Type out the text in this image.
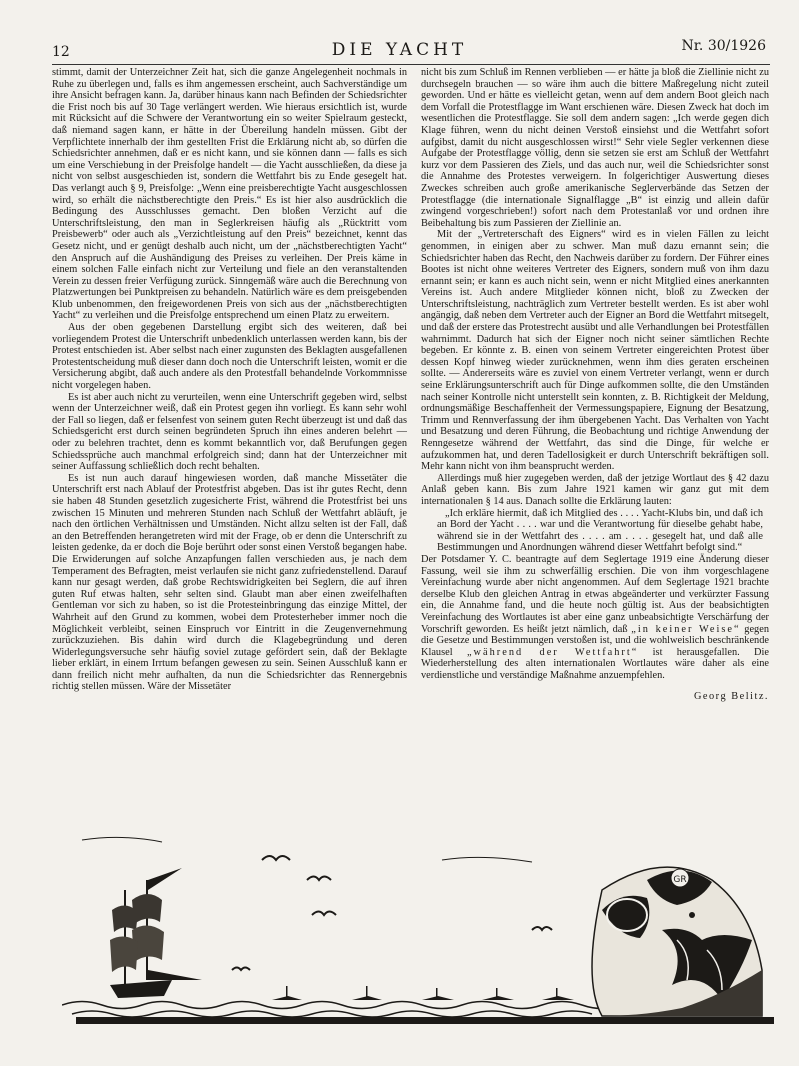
12	DIE YACHT	Nr. 30/1926

stimmt, damit der Unterzeichner Zeit hat, sich die ganze Angelegenheit nochmals in Ruhe zu überlegen und, falls es ihm angemessen erscheint, auch Sachverständige um ihre Ansicht befragen kann. Ja, darüber hinaus kann nach Befinden der Schiedsrichter die Frist noch bis auf 30 Tage verlängert werden. Wie hieraus ersichtlich ist, wurde mit Rücksicht auf die Schwere der Verantwortung ein so weiter Spielraum gesteckt, daß niemand sagen kann, er hätte in der Übereilung handeln müssen. Gibt der Verpflichtete innerhalb der ihm gestellten Frist die Erklärung nicht ab, so dürfen die Schiedsrichter annehmen, daß er es nicht kann, und sie können dann — falls es sich um eine Verschiebung in der Preisfolge handelt — die Yacht ausschließen, da diese ja nicht von selbst ausgeschieden ist, sondern die Wettfahrt bis zu Ende gesegelt hat. Das verlangt auch § 9, Preisfolge: „Wenn eine preisberechtigte Yacht ausgeschlossen wird, so erhält die nächstberechtigte den Preis.“ Es ist hier also ausdrücklich die Bedingung des Ausschlusses gemacht. Den bloßen Verzicht auf die Unterschriftsleistung, den man in Seglerkreisen häufig als „Rücktritt vom Preisbewerb“ oder auch als „Verzichtleistung auf den Preis“ bezeichnet, kennt das Gesetz nicht, und er genügt deshalb auch nicht, um der „nächstberechtigten Yacht“ den Anspruch auf die Aushändigung des Preises zu verleihen. Der Preis käme in einem solchen Falle einfach nicht zur Verteilung und fiele an den veranstaltenden Verein zu dessen freier Verfügung zurück. Sinngemäß wäre auch die Berechnung von Platzwertungen bei Punktpreisen zu behandeln. Natürlich wäre es dem preisgebenden Klub unbenommen, den freigewordenen Preis von sich aus der „nächstberechtigten Yacht“ zu verleihen und die Preisfolge entsprechend um einen Platz zu erweitern.

Aus der oben gegebenen Darstellung ergibt sich des weiteren, daß bei vorliegendem Protest die Unterschrift unbedenklich unterlassen werden kann, bis der Protest entschieden ist. Aber selbst nach einer zugunsten des Beklagten ausgefallenen Protestentscheidung muß dieser dann doch noch die Unterschrift leisten, womit er die Versicherung abgibt, daß auch andere als den Protestfall behandelnde Vorkommnisse nicht vorgelegen haben.

Es ist aber auch nicht zu verurteilen, wenn eine Unterschrift gegeben wird, selbst wenn der Unterzeichner weiß, daß ein Protest gegen ihn vorliegt. Es kann sehr wohl der Fall so liegen, daß er felsenfest von seinem guten Recht überzeugt ist und daß das Schiedsgericht erst durch seinen begründeten Spruch ihn eines anderen belehrt — oder zu belehren trachtet, denn es kommt bekanntlich vor, daß Berufungen gegen Schiedssprüche auch manchmal erfolgreich sind; dann hat der Unterzeichner mit seiner Auffassung schließlich doch recht behalten.

Es ist nun auch darauf hingewiesen worden, daß manche Missetäter die Unterschrift erst nach Ablauf der Protestfrist abgeben. Das ist ihr gutes Recht, denn sie haben 48 Stunden gesetzlich zugesicherte Frist, während die Protestfrist bei uns zwischen 15 Minuten und mehreren Stunden nach Schluß der Wettfahrt abläuft, je nach den örtlichen Verhältnissen und Umständen. Nicht allzu selten ist der Fall, daß an den Betreffenden herangetreten wird mit der Frage, ob er denn die Unterschrift zu leisten gedenke, da er doch die Boje berührt oder sonst einen Verstoß begangen habe. Die Erwiderungen auf solche Anzapfungen fallen verschieden aus, je nach dem Temperament des Befragten, meist verlaufen sie nicht ganz zufriedenstellend. Darauf kann nur gesagt werden, daß grobe Rechtswidrigkeiten bei Seglern, die auf ihren guten Ruf etwas halten, sehr selten sind. Glaubt man aber einen zweifelhaften Gentleman vor sich zu haben, so ist die Protesteinbringung das einzige Mittel, der Wahrheit auf den Grund zu kommen, wobei dem Protesterheber immer noch die Möglichkeit verbleibt, seinen Einspruch vor Eintritt in die Zeugenvernehmung zurückzuziehen. Bis dahin wird durch die Klagebegründung und deren Widerlegungsversuche sehr häufig soviel zutage gefördert sein, daß der Beklagte lieber erklärt, in einem Irrtum befangen gewesen zu sein. Seinen Ausschluß kann er dann freilich nicht mehr aufhalten, da nun die Schiedsrichter das Rennergebnis richtig stellen müssen. Wäre der Missetäter

nicht bis zum Schluß im Rennen verblieben — er hätte ja bloß die Ziellinie nicht zu durchsegeln brauchen — so wäre ihm auch die bittere Maßregelung nicht zuteil geworden. Und er hätte es vielleicht getan, wenn auf dem andern Boot gleich nach dem Vorfall die Protestflagge im Want erschienen wäre. Diesen Zweck hat doch im wesentlichen die Protestflagge. Sie soll dem andern sagen: „Ich werde gegen dich Klage führen, wenn du nicht deinen Verstoß einsiehst und die Wettfahrt sofort aufgibst, damit du nicht ausgeschlossen wirst!“ Sehr viele Segler verkennen diese Aufgabe der Protestflagge völlig, denn sie setzen sie erst am Schluß der Wettfahrt kurz vor dem Passieren des Ziels, und das auch nur, weil die Schiedsrichter sonst die Annahme des Protestes verweigern. In folgerichtiger Auswertung dieses Zweckes schreiben auch große amerikanische Seglerverbände das Setzen der Protestflagge (die internationale Signalflagge „B“ ist einzig und allein dafür zwingend vorgeschrieben!) sofort nach dem Protestanlaß vor und ordnen ihre Beibehaltung bis zum Passieren der Ziellinie an.

Mit der „Vertreterschaft des Eigners“ wird es in vielen Fällen zu leicht genommen, in einigen aber zu schwer. Man muß dazu ernannt sein; die Schiedsrichter haben das Recht, den Nachweis darüber zu fordern. Der Führer eines Bootes ist nicht ohne weiteres Vertreter des Eigners, sondern muß von ihm dazu ernannt sein; er kann es auch nicht sein, wenn er nicht Mitglied eines anerkannten Vereins ist. Auch andere Mitglieder können nicht, bloß zu Zwecken der Unterschriftsleistung, nachträglich zum Vertreter bestellt werden. Es ist aber wohl angängig, daß neben dem Vertreter auch der Eigner an Bord die Wettfahrt mitsegelt, und daß der erstere das Protestrecht ausübt und alle Verhandlungen bei Protestfällen wahrnimmt. Dadurch hat sich der Eigner noch nicht seiner sämtlichen Rechte begeben. Er könnte z. B. einen von seinem Vertreter eingereichten Protest über dessen Kopf hinweg wieder zurücknehmen, wenn ihm dies geraten erscheinen sollte. — Andererseits wäre es zuviel von einem Vertreter verlangt, wenn er durch seine Erklärungsunterschrift auch für Dinge aufkommen sollte, die den Umständen nach seiner Kontrolle nicht unterstellt sein konnten, z. B. Richtigkeit der Meldung, ordnungsmäßige Beschaffenheit der Vermessungspapiere, Eignung der Besatzung, Trimm und Rennverfassung der ihm übergebenen Yacht. Das Verhalten von Yacht und Besatzung und deren Führung, die Beobachtung und richtige Anwendung der Renngesetze während der Wettfahrt, das sind die Dinge, für welche er aufzukommen hat, und deren Tadellosigkeit er durch Unterschrift bekräftigen soll. Mehr kann nicht von ihm beansprucht werden.

Allerdings muß hier zugegeben werden, daß der jetzige Wortlaut des § 42 dazu Anlaß geben kann. Bis zum Jahre 1921 kamen wir ganz gut mit dem internationalen § 14 aus. Danach sollte die Erklärung lauten:

„Ich erkläre hiermit, daß ich Mitglied des . . . . Yacht-Klubs bin, und daß ich an Bord der Yacht . . . . war und die Verantwortung für dieselbe gehabt habe, während sie in der Wettfahrt des . . . . am . . . . gesegelt hat, und daß alle Bestimmungen und Anordnungen während dieser Wettfahrt befolgt sind.“

Der Potsdamer Y. C. beantragte auf dem Seglertage 1919 eine Änderung dieser Fassung, weil sie ihm zu schwerfällig erschien. Die von ihm vorgeschlagene Vereinfachung wurde aber nicht angenommen. Auf dem Seglertage 1921 brachte derselbe Klub den gleichen Antrag in etwas abgeänderter und verkürzter Fassung ein, die Annahme fand, und die heute noch gültig ist. Aus der beabsichtigten Vereinfachung des Wortlautes ist aber eine ganz unbeabsichtigte Verschärfung der Vorschrift geworden. Es heißt jetzt nämlich, daß „in keiner Weise“ gegen die Gesetze und Bestimmungen verstoßen ist, und die wohlweislich beschränkende Klausel „während der Wettfahrt“ ist herausgefallen. Die Wiederherstellung des alten internationalen Wortlautes wäre daher als eine verdienstliche und verständige Maßnahme anzuempfehlen.

Georg Belitz.

GR
